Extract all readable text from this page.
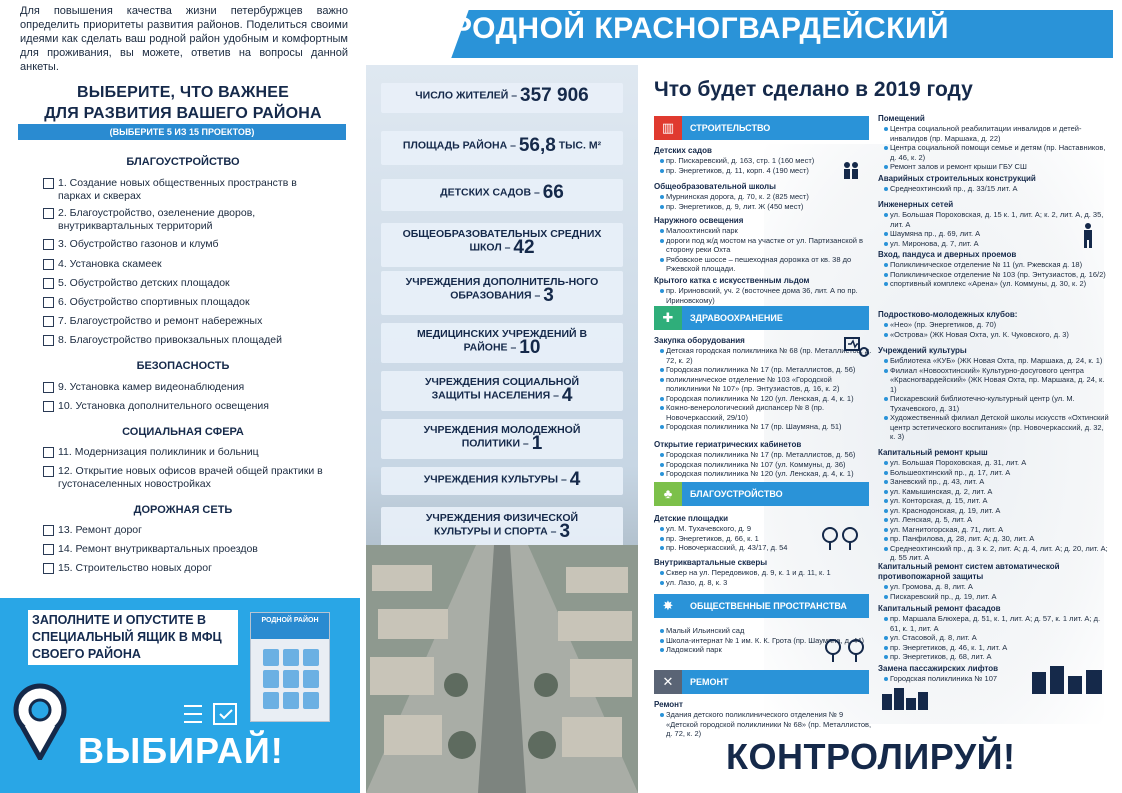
Для повышения качества жизни петербуржцев важно определить приоритеты развития районов. Поделиться своими идеями как сделать ваш родной район удобным и комфортным для проживания, вы можете, ответив на вопросы данной анкеты.

ВЫБЕРИТЕ, ЧТО ВАЖНЕЕ
ДЛЯ РАЗВИТИЯ ВАШЕГО РАЙОНА
(ВЫБЕРИТЕ 5 ИЗ 15 ПРОЕКТОВ)
БЛАГОУСТРОЙСТВО
1. Создание новых общественных пространств в парках и скверах
2. Благоустройство, озеленение дворов, внутриквартальных территорий
3. Обустройство газонов и клумб
4. Установка скамеек
5. Обустройство детских площадок
6. Обустройство спортивных площадок
7. Благоустройство и ремонт набережных
8. Благоустройство привокзальных площадей
БЕЗОПАСНОСТЬ
9. Установка камер видеонаблюдения
10. Установка дополнительного освещения
СОЦИАЛЬНАЯ СФЕРА
11. Модернизация поликлиник и больниц
12. Открытие новых офисов врачей общей практики в густонаселенных новостройках
ДОРОЖНАЯ СЕТЬ
13. Ремонт дорог
14. Ремонт внутриквартальных проездов
15. Строительство новых дорог
ЗАПОЛНИТЕ И ОПУСТИТЕ В СПЕЦИАЛЬНЫЙ ЯЩИК В МФЦ СВОЕГО РАЙОНА
РОДНОЙ РАЙОН
ВЫБИРАЙ!
ЧИСЛО ЖИТЕЛЕЙ – 357 906
ПЛОЩАДЬ РАЙОНА – 56,8 ТЫС. М²
ДЕТСКИХ САДОВ – 66
ОБЩЕОБРАЗОВАТЕЛЬНЫХ СРЕДНИХ ШКОЛ – 42
УЧРЕЖДЕНИЯ ДОПОЛНИТЕЛЬ-НОГО ОБРАЗОВАНИЯ – 3
МЕДИЦИНСКИХ УЧРЕЖДЕНИЙ В РАЙОНЕ – 10
УЧРЕЖДЕНИЯ СОЦИАЛЬНОЙ ЗАЩИТЫ НАСЕЛЕНИЯ – 4
УЧРЕЖДЕНИЯ МОЛОДЕЖНОЙ ПОЛИТИКИ – 1
УЧРЕЖДЕНИЯ КУЛЬТУРЫ – 4
УЧРЕЖДЕНИЯ ФИЗИЧЕСКОЙ КУЛЬТУРЫ И СПОРТА – 3
РОДНОЙ КРАСНОГВАРДЕЙСКИЙ
Что будет сделано в 2019 году
▥	СТРОИТЕЛЬСТВО
Детских садов
пр. Пискаревский, д. 163, стр. 1 (160 мест)
пр. Энергетиков, д. 11, корп. 4 (190 мест)
Общеобразовательной школы
Мурнинская дорога, д. 70, к. 2 (825 мест)
пр. Энергетиков, д. 9, лит. Ж (450 мест)
Наружного освещения
Малоохтинский парк
дороги под ж/д мостом на участке от ул. Партизанской в сторону реки Охта
Рябовское шоссе – пешеходная дорожка от кв. 38 до Ржевской площади.
Крытого катка с искусственным льдом
пр. Ириновский, уч. 2 (восточнее дома 36, лит. А по пр. Ириновскому)
✚	ЗДРАВООХРАНЕНИЕ
Закупка оборудования
Детская городская поликлиника № 68 (пр. Металлистов, д. 72, к. 2)
Городская поликлиника № 17 (пр. Металлистов, д. 56)
поликлиническое отделение № 103 «Городской поликлиники № 107» (пр. Энтузиастов, д. 16, к. 2)
Городская поликлиника № 120 (ул. Ленская, д. 4, к. 1)
Кожно-венерологический диспансер № 8 (пр. Новочеркасский, 29/10)
Городская поликлиника № 17 (пр. Шаумяна, д. 51)
Открытие гериатрических кабинетов
Городская поликлиника № 17 (пр. Металлистов, д. 56)
Городская поликлиника № 107 (ул. Коммуны, д. 36)
Городская поликлиника № 120 (ул. Ленская, д. 4, к. 1)
♣	БЛАГОУСТРОЙСТВО
Детские площадки
ул. М. Тухачевского, д. 9
пр. Энергетиков, д. 66, к. 1
пр. Новочеркасский, д. 43/17, д. 54
Внутриквартальные скверы
Сквер на ул. Передовиков, д. 9, к. 1 и д. 11, к. 1
ул. Лазо, д. 8, к. 3
✸	ОБЩЕСТВЕННЫЕ ПРОСТРАНСТВА
Малый Ильинский сад
Школа-интернат № 1 им. К. К. Грота (пр. Шаумяна, д. 44)
Ладожский парк
✕	РЕМОНТ
Ремонт
Здания детского поликлинического отделения № 9 «Детской городской поликлиники № 68» (пр. Металлистов, д. 72, к. 2)
Помещений
Центра социальной реабилитации инвалидов и детей-инвалидов (пр. Маршака, д. 22)
Центра социальной помощи семье и детям (пр. Наставников, д. 46, к. 2)
Ремонт залов и ремонт крыши ГБУ СШ
Аварийных строительных конструкций
Среднеохтинский пр., д. 33/15 лит. А
Инженерных сетей
ул. Большая Пороховская, д. 15 к. 1, лит. А; к. 2, лит. А, д. 35, лит. А
Шаумяна пр., д. 69, лит. А
ул. Миронова, д. 7, лит. А
Вход, пандуса и дверных проемов
Поликлиническое отделение № 11 (ул. Ржевская д. 18)
Поликлиническое отделение № 103 (пр. Энтузиастов, д. 16/2)
спортивный комплекс «Арена» (ул. Коммуны, д. 30, к. 2)
Подростково-молодежных клубов:
«Нео» (пр. Энергетиков, д. 70)
«Острова» (ЖК Новая Охта, ул. К. Чуковского, д. 3)
Учреждений культуры
Библиотека «КУБ» (ЖК Новая Охта, пр. Маршака, д. 24, к. 1)
Филиал «Новоохтинский» Культурно-досугового центра «Красногвардейский» (ЖК Новая Охта, пр. Маршака, д. 24, к. 1)
Пискаревский библиотечно-культурный центр (ул. М. Тухачевского, д. 31)
Художественный филиал Детской школы искусств «Охтинский центр эстетического воспитания» (пр. Новочеркасский, д. 32, к. 3)
Капитальный ремонт крыш
ул. Большая Пороховская, д. 31, лит. А
Большеохтинский пр., д. 17, лит. А
Заневский пр., д. 43, лит. А
ул. Камышинская, д. 2, лит. А
ул. Конторская, д. 15, лит. А
ул. Краснодонская, д. 19, лит. А
ул. Ленская, д. 5, лит. А
ул. Магнитогорская, д. 71, лит. А
пр. Панфилова, д. 28, лит. А; д. 30, лит. А
Среднеохтинский пр., д. 3 к. 2, лит. А; д. 4, лит. А; д. 20, лит. А; д. 55 лит. А
Капитальный ремонт систем автоматической противопожарной защиты
ул. Громова, д. 8, лит. А
Пискаревский пр., д. 19, лит. А
Капитальный ремонт фасадов
пр. Маршала Блюхера, д. 51, к. 1, лит. А; д. 57, к. 1 лит. А; д. 61, к. 1, лит. А
ул. Стасовой, д. 8, лит. А
пр. Энергетиков, д. 46, к. 1, лит. А
пр. Энергетиков, д. 68, лит. А
Замена пассажирских лифтов
Городская поликлиника № 107
КОНТРОЛИРУЙ!
